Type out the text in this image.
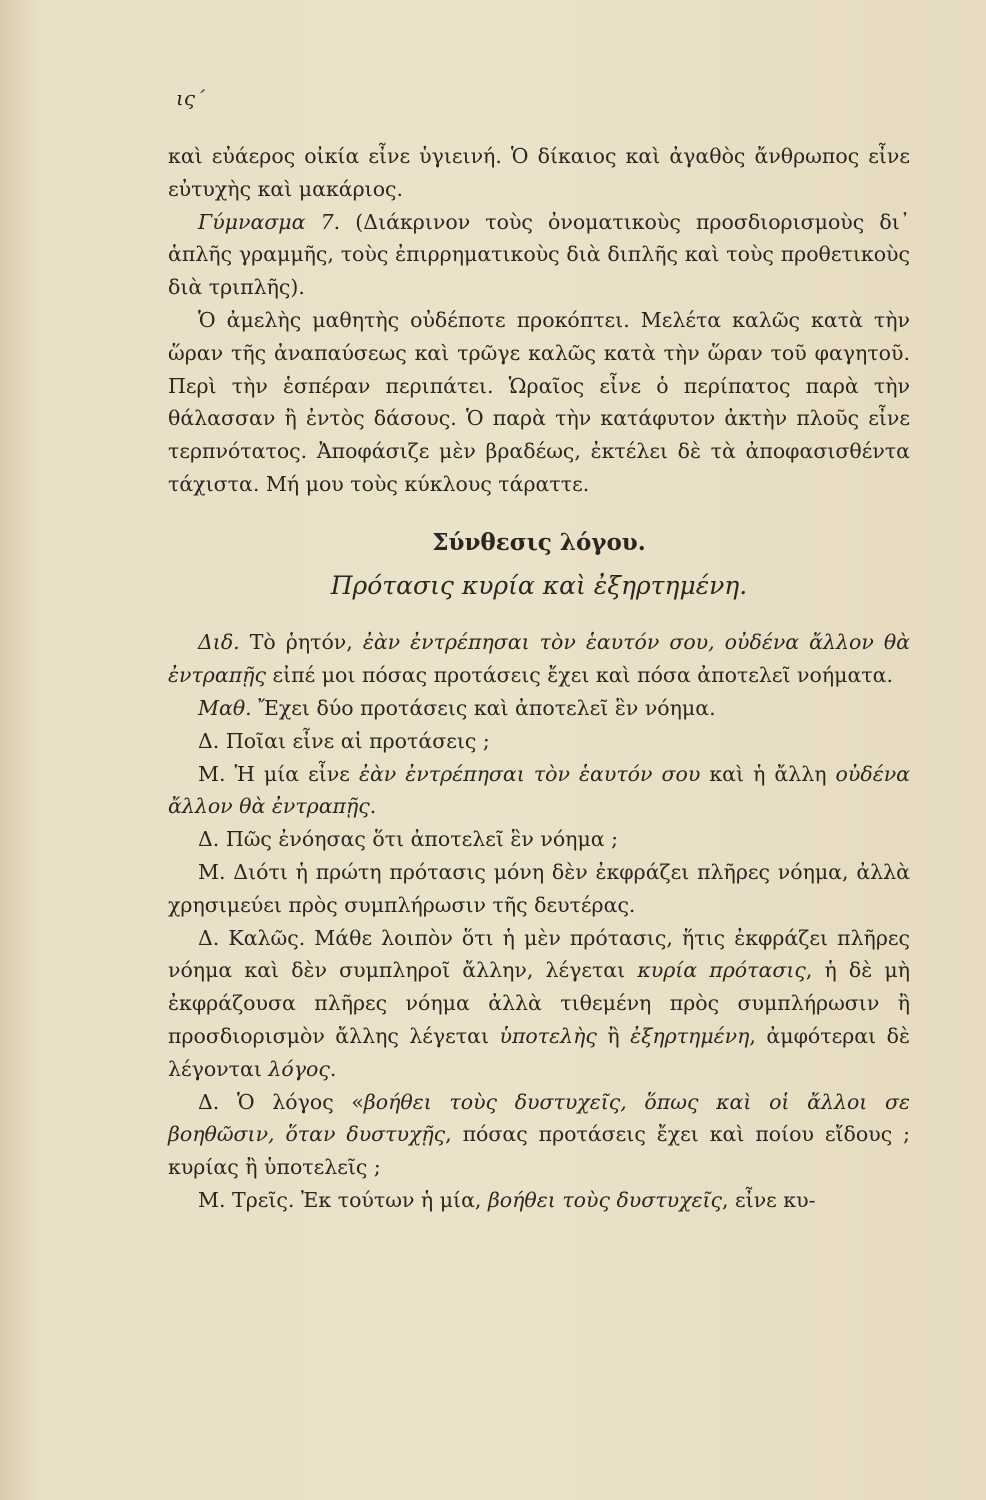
ις΄

καὶ εὐάερος οἰκία εἶνε ὑγιεινή. Ὁ δίκαιος καὶ ἀγαθὸς ἄνθρωπος εἶνε εὐτυχὴς καὶ μακάριος.

Γύμνασμα 7. (Διάκρινον τοὺς ὀνοματικοὺς προσδιορισμοὺς δι᾽ ἁπλῆς γραμμῆς, τοὺς ἐπιρρηματικοὺς διὰ διπλῆς καὶ τοὺς προθετικοὺς διὰ τριπλῆς).

Ὁ ἀμελὴς μαθητὴς οὐδέποτε προκόπτει. Μελέτα καλῶς κατὰ τὴν ὥραν τῆς ἀναπαύσεως καὶ τρῶγε καλῶς κατὰ τὴν ὥραν τοῦ φαγητοῦ. Περὶ τὴν ἑσπέραν περιπάτει. Ὡραῖος εἶνε ὁ περίπατος παρὰ τὴν θάλασσαν ἢ ἐντὸς δάσους. Ὁ παρὰ τὴν κατάφυτον ἀκτὴν πλοῦς εἶνε τερπνότατος. Ἀποφάσιζε μὲν βραδέως, ἐκτέλει δὲ τὰ ἀποφασισθέντα τάχιστα. Μή μου τοὺς κύκλους τάραττε.

Σύνθεσις λόγου.
Πρότασις κυρία καὶ ἐξηρτημένη.

Διδ. Τὸ ῥητόν, ἐὰν ἐντρέπησαι τὸν ἑαυτόν σου, οὐδένα ἄλλον θὰ ἐντραπῇς εἰπέ μοι πόσας προτάσεις ἔχει καὶ πόσα ἀποτελεῖ νοήματα.

Μαθ. Ἔχει δύο προτάσεις καὶ ἀποτελεῖ ἓν νόημα.

Δ. Ποῖαι εἶνε αἱ προτάσεις ;

Μ. Ἡ μία εἶνε ἐὰν ἐντρέπησαι τὸν ἑαυτόν σου καὶ ἡ ἄλλη οὐδένα ἄλλον θὰ ἐντραπῇς.

Δ. Πῶς ἐνόησας ὅτι ἀποτελεῖ ἓν νόημα ;

Μ. Διότι ἡ πρώτη πρότασις μόνη δὲν ἐκφράζει πλῆρες νόημα, ἀλλὰ χρησιμεύει πρὸς συμπλήρωσιν τῆς δευτέρας.

Δ. Καλῶς. Μάθε λοιπὸν ὅτι ἡ μὲν πρότασις, ἥτις ἐκφράζει πλῆρες νόημα καὶ δὲν συμπληροῖ ἄλλην, λέγεται κυρία πρότασις, ἡ δὲ μὴ ἐκφράζουσα πλῆρες νόημα ἀλλὰ τιθεμένη πρὸς συμπλήρωσιν ἢ προσδιορισμὸν ἄλλης λέγεται ὑποτελὴς ἢ ἐξηρτημένη, ἀμφότεραι δὲ λέγονται λόγος.

Δ. Ὁ λόγος «βοήθει τοὺς δυστυχεῖς, ὅπως καὶ οἱ ἄλλοι σε βοηθῶσιν, ὅταν δυστυχῇς, πόσας προτάσεις ἔχει καὶ ποίου εἴδους ; κυρίας ἢ ὑποτελεῖς ;

Μ. Τρεῖς. Ἐκ τούτων ἡ μία, βοήθει τοὺς δυστυχεῖς, εἶνε κυ-
